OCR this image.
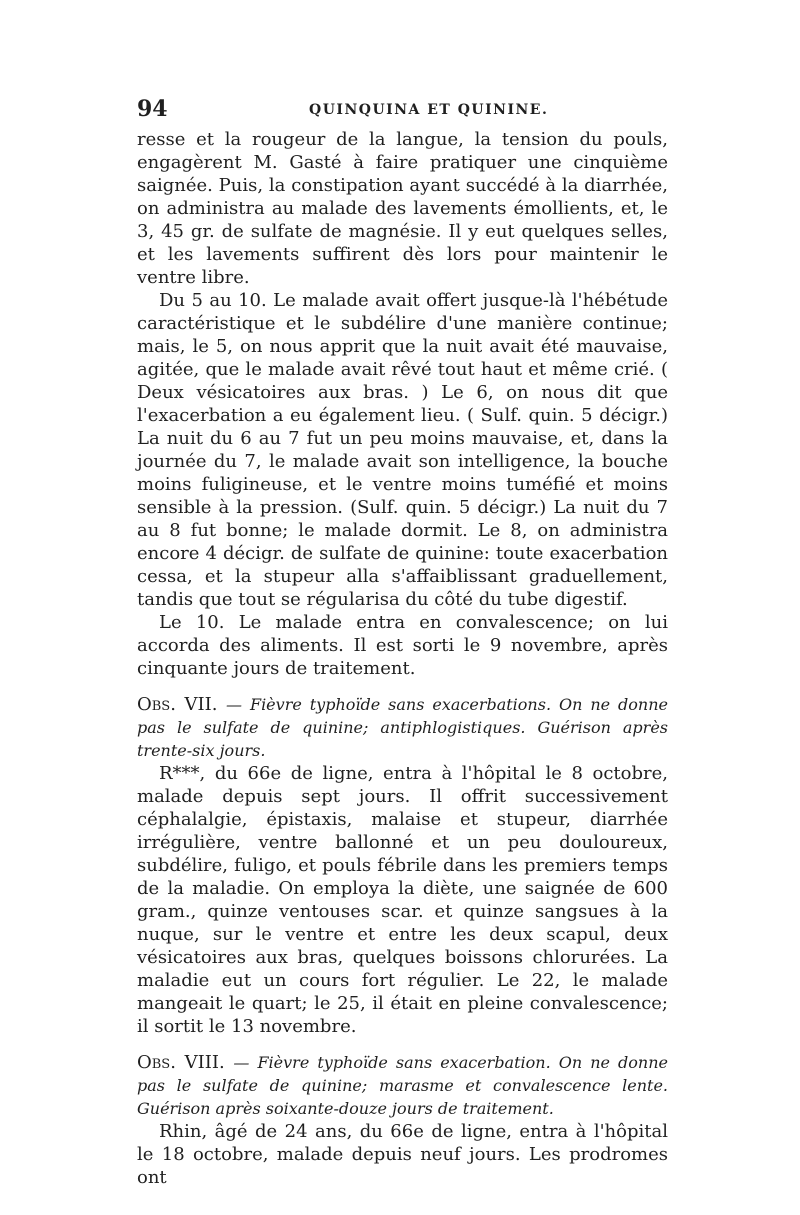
94	QUINQUINA ET QUININE.

resse et la rougeur de la langue, la tension du pouls, engagèrent M. Gasté à faire pratiquer une cinquième saignée. Puis, la constipation ayant succédé à la diarrhée, on administra au malade des lavements émollients, et, le 3, 45 gr. de sulfate de magnésie. Il y eut quelques selles, et les lavements suffirent dès lors pour maintenir le ventre libre.

Du 5 au 10. Le malade avait offert jusque-là l'hébétude caractéristique et le subdélire d'une manière continue; mais, le 5, on nous apprit que la nuit avait été mauvaise, agitée, que le malade avait rêvé tout haut et même crié. ( Deux vésicatoires aux bras. ) Le 6, on nous dit que l'exacerbation a eu également lieu. ( Sulf. quin. 5 décigr.) La nuit du 6 au 7 fut un peu moins mauvaise, et, dans la journée du 7, le malade avait son intelligence, la bouche moins fuligineuse, et le ventre moins tuméfié et moins sensible à la pression. (Sulf. quin. 5 décigr.) La nuit du 7 au 8 fut bonne; le malade dormit. Le 8, on administra encore 4 décigr. de sulfate de quinine: toute exacerbation cessa, et la stupeur alla s'affaiblissant graduellement, tandis que tout se régularisa du côté du tube digestif.

Le 10. Le malade entra en convalescence; on lui accorda des aliments. Il est sorti le 9 novembre, après cinquante jours de traitement.

Obs. VII. — Fièvre typhoïde sans exacerbations. On ne donne pas le sulfate de quinine; antiphlogistiques. Guérison après trente-six jours.

R***, du 66e de ligne, entra à l'hôpital le 8 octobre, malade depuis sept jours. Il offrit successivement céphalalgie, épistaxis, malaise et stupeur, diarrhée irrégulière, ventre ballonné et un peu douloureux, subdélire, fuligo, et pouls fébrile dans les premiers temps de la maladie. On employa la diète, une saignée de 600 gram., quinze ventouses scar. et quinze sangsues à la nuque, sur le ventre et entre les deux scapul, deux vésicatoires aux bras, quelques boissons chlorurées. La maladie eut un cours fort régulier. Le 22, le malade mangeait le quart; le 25, il était en pleine convalescence; il sortit le 13 novembre.

Obs. VIII. — Fièvre typhoïde sans exacerbation. On ne donne pas le sulfate de quinine; marasme et convalescence lente. Guérison après soixante-douze jours de traitement.

Rhin, âgé de 24 ans, du 66e de ligne, entra à l'hôpital le 18 octobre, malade depuis neuf jours. Les prodromes ont
